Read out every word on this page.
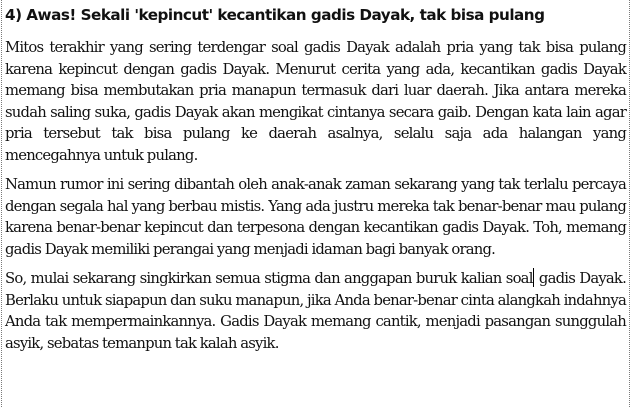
4) Awas! Sekali 'kepincut' kecantikan gadis Dayak, tak bisa pulang

Mitos terakhir yang sering terdengar soal gadis Dayak adalah pria yang tak bisa pulang karena kepincut dengan gadis Dayak. Menurut cerita yang ada, kecantikan gadis Dayak memang bisa membutakan pria manapun termasuk dari luar daerah. Jika antara mereka sudah saling suka, gadis Dayak akan mengikat cintanya secara gaib. Dengan kata lain agar pria tersebut tak bisa pulang ke daerah asalnya, selalu saja ada halangan yang mencegahnya untuk pulang.

Namun rumor ini sering dibantah oleh anak-anak zaman sekarang yang tak terlalu percaya dengan segala hal yang berbau mistis. Yang ada justru mereka tak benar-benar mau pulang karena benar-benar kepincut dan terpesona dengan kecantikan gadis Dayak. Toh, memang gadis Dayak memiliki perangai yang menjadi idaman bagi banyak orang.

So, mulai sekarang singkirkan semua stigma dan anggapan buruk kalian soal gadis Dayak. Berlaku untuk siapapun dan suku manapun, jika Anda benar-benar cinta alangkah indahnya Anda tak mempermainkannya. Gadis Dayak memang cantik, menjadi pasangan sunggulah asyik, sebatas temanpun tak kalah asyik.
